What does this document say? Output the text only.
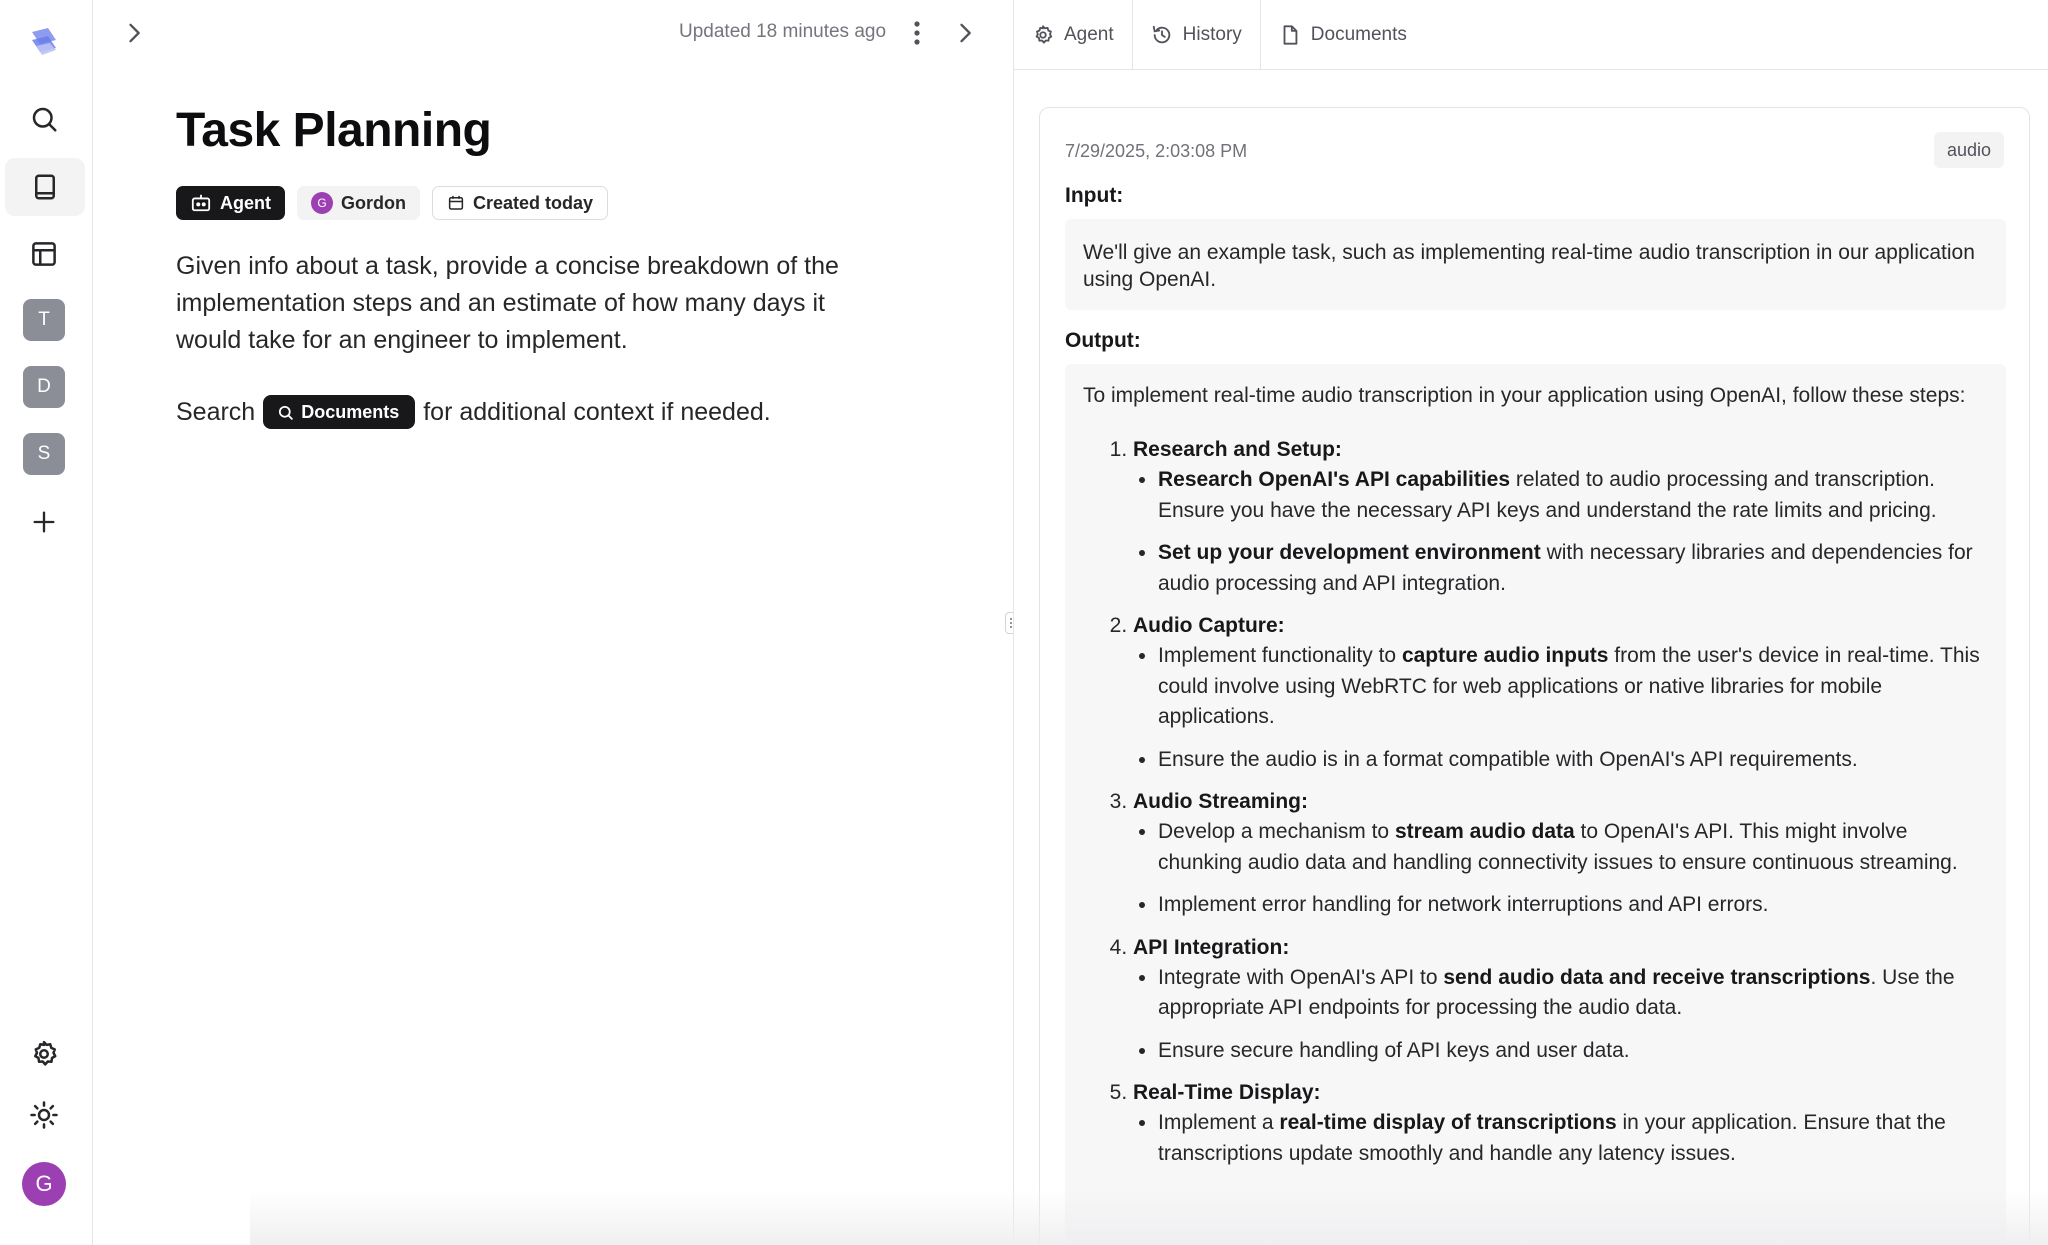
T
D
S
G
Updated 18 minutes ago
Task Planning
Agent	G Gordon	Created today

Given info about a task, provide a concise breakdown of the implementation steps and an estimate of how many days it would take for an engineer to implement.

Search	Documents for additional context if needed.
Agent	History	Documents
7/29/2025, 2:03:08 PM	audio
Input:
We'll give an example task, such as implementing real-time audio transcription in our application using OpenAI.
Output:
To implement real-time audio transcription in your application using OpenAI, follow these steps:
1. Research and Setup:
• Research OpenAI's API capabilities related to audio processing and transcription. Ensure you have the necessary API keys and understand the rate limits and pricing.
• Set up your development environment with necessary libraries and dependencies for audio processing and API integration.
2. Audio Capture:
• Implement functionality to capture audio inputs from the user's device in real-time. This could involve using WebRTC for web applications or native libraries for mobile applications.
• Ensure the audio is in a format compatible with OpenAI's API requirements.
3. Audio Streaming:
• Develop a mechanism to stream audio data to OpenAI's API. This might involve chunking audio data and handling connectivity issues to ensure continuous streaming.
• Implement error handling for network interruptions and API errors.
4. API Integration:
• Integrate with OpenAI's API to send audio data and receive transcriptions. Use the appropriate API endpoints for processing the audio data.
• Ensure secure handling of API keys and user data.
5. Real-Time Display:
• Implement a real-time display of transcriptions in your application. Ensure that the transcriptions update smoothly and handle any latency issues.
